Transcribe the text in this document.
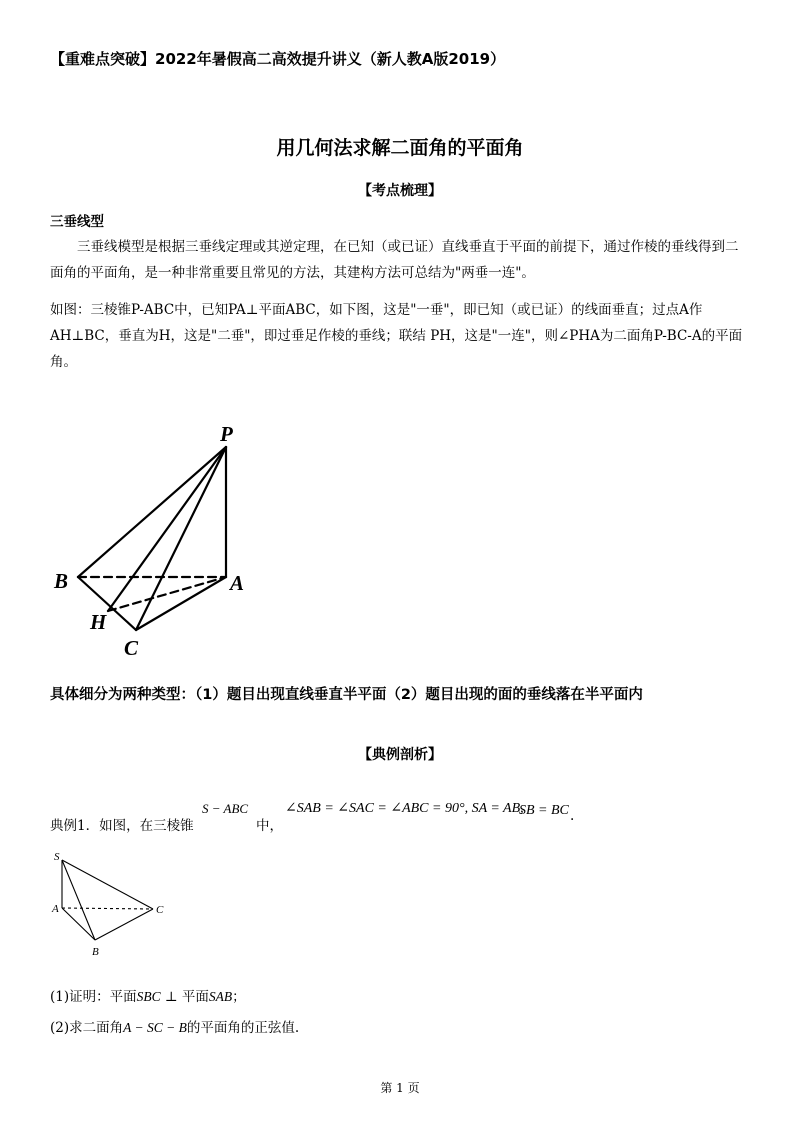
【重难点突破】2022年暑假高二高效提升讲义（新人教A版2019）
用几何法求解二面角的平面角
【考点梳理】
三垂线型
三垂线模型是根据三垂线定理或其逆定理，在已知（或已证）直线垂直于平面的前提下，通过作棱的垂线得到二面角的平面角，是一种非常重要且常见的方法，其建构方法可总结为"两垂一连"。
如图：三棱锥P-ABC中，已知PA⊥平面ABC，如下图，这是"一垂"，即已知（或已证）的线面垂直；过点A作AH⊥BC，垂直为H，这是"二垂"，即过垂足作棱的垂线；联结 PH，这是"一连"，则∠PHA为二面角P-BC-A的平面角。
P
B	A
H
C
具体细分为两种类型：（1）题目出现直线垂直半平面（2）题目出现的面的垂线落在半平面内
【典例剖析】
典例1．如图，在三棱锥
S − ABC
中，
∠SAB = ∠SAC = ∠ABC = 90°, SA = AB,
SB = BC .
S
A	C
B
(1)证明：平面SBC ⊥ 平面SAB；
(2)求二面角A − SC − B的平面角的正弦值.
第 1 页
